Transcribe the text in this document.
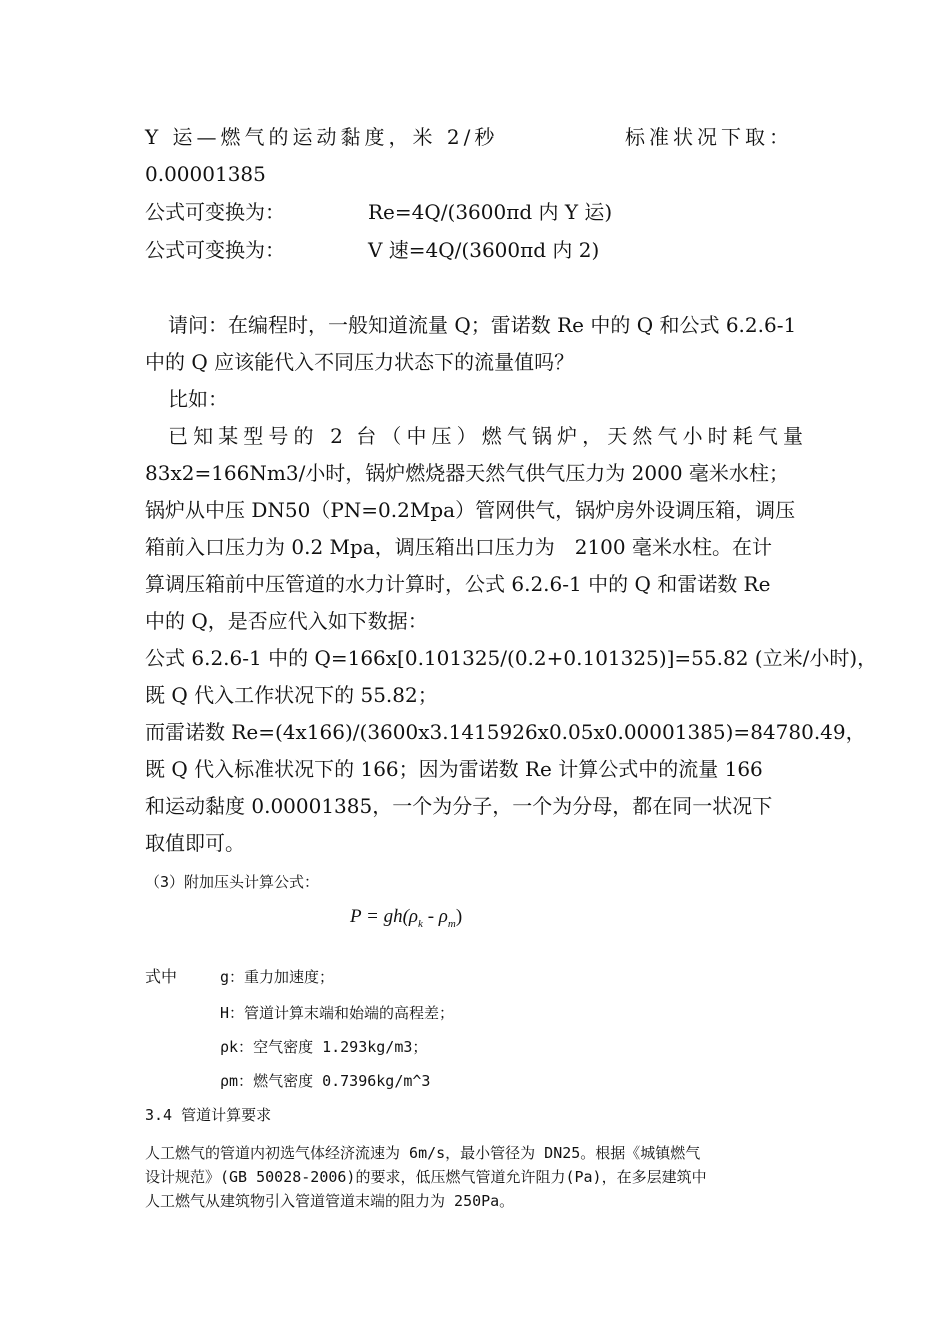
Y 运—燃气的运动黏度，米 2/秒	标准状况下取：
0.00001385
公式可变换为：	Re=4Q/(3600πd 内 Y 运)
公式可变换为：	V 速=4Q/(3600πd 内 2)
请问：在编程时，一般知道流量 Q；雷诺数 Re 中的 Q 和公式 6.2.6-1
中的 Q 应该能代入不同压力状态下的流量值吗？
比如：
已知某型号的 2 台（中压）燃气锅炉，天然气小时耗气量
83x2=166Nm3/小时，锅炉燃烧器天然气供气压力为 2000 毫米水柱；
锅炉从中压 DN50（PN=0.2Mpa）管网供气，锅炉房外设调压箱，调压
箱前入口压力为 0.2 Mpa，调压箱出口压力为　2100 毫米水柱。在计
算调压箱前中压管道的水力计算时，公式 6.2.6-1 中的 Q 和雷诺数 Re
中的 Q，是否应代入如下数据：
公式 6.2.6-1 中的 Q=166x[0.101325/(0.2+0.101325)]=55.82 (立米/小时)，
既 Q 代入工作状况下的 55.82；
而雷诺数 Re=(4x166)/(3600x3.1415926x0.05x0.00001385)=84780.49，
既 Q 代入标准状况下的 166；因为雷诺数 Re 计算公式中的流量 166
和运动黏度 0.00001385，一个为分子，一个为分母，都在同一状况下
取值即可。
（3）附加压头计算公式：
$P = gh(\rho_k - \rho_m)$
式中	g：重力加速度；
H：管道计算末端和始端的高程差；
ρk：空气密度 1.293kg/m3；
ρm：燃气密度 0.7396kg/m^3
3.4 管道计算要求
人工燃气的管道内初选气体经济流速为 6m/s，最小管径为 DN25。根据《城镇燃气
设计规范》(GB 50028-2006)的要求，低压燃气管道允许阻力(Pa)，在多层建筑中
人工燃气从建筑物引入管道管道末端的阻力为 250Pa。
